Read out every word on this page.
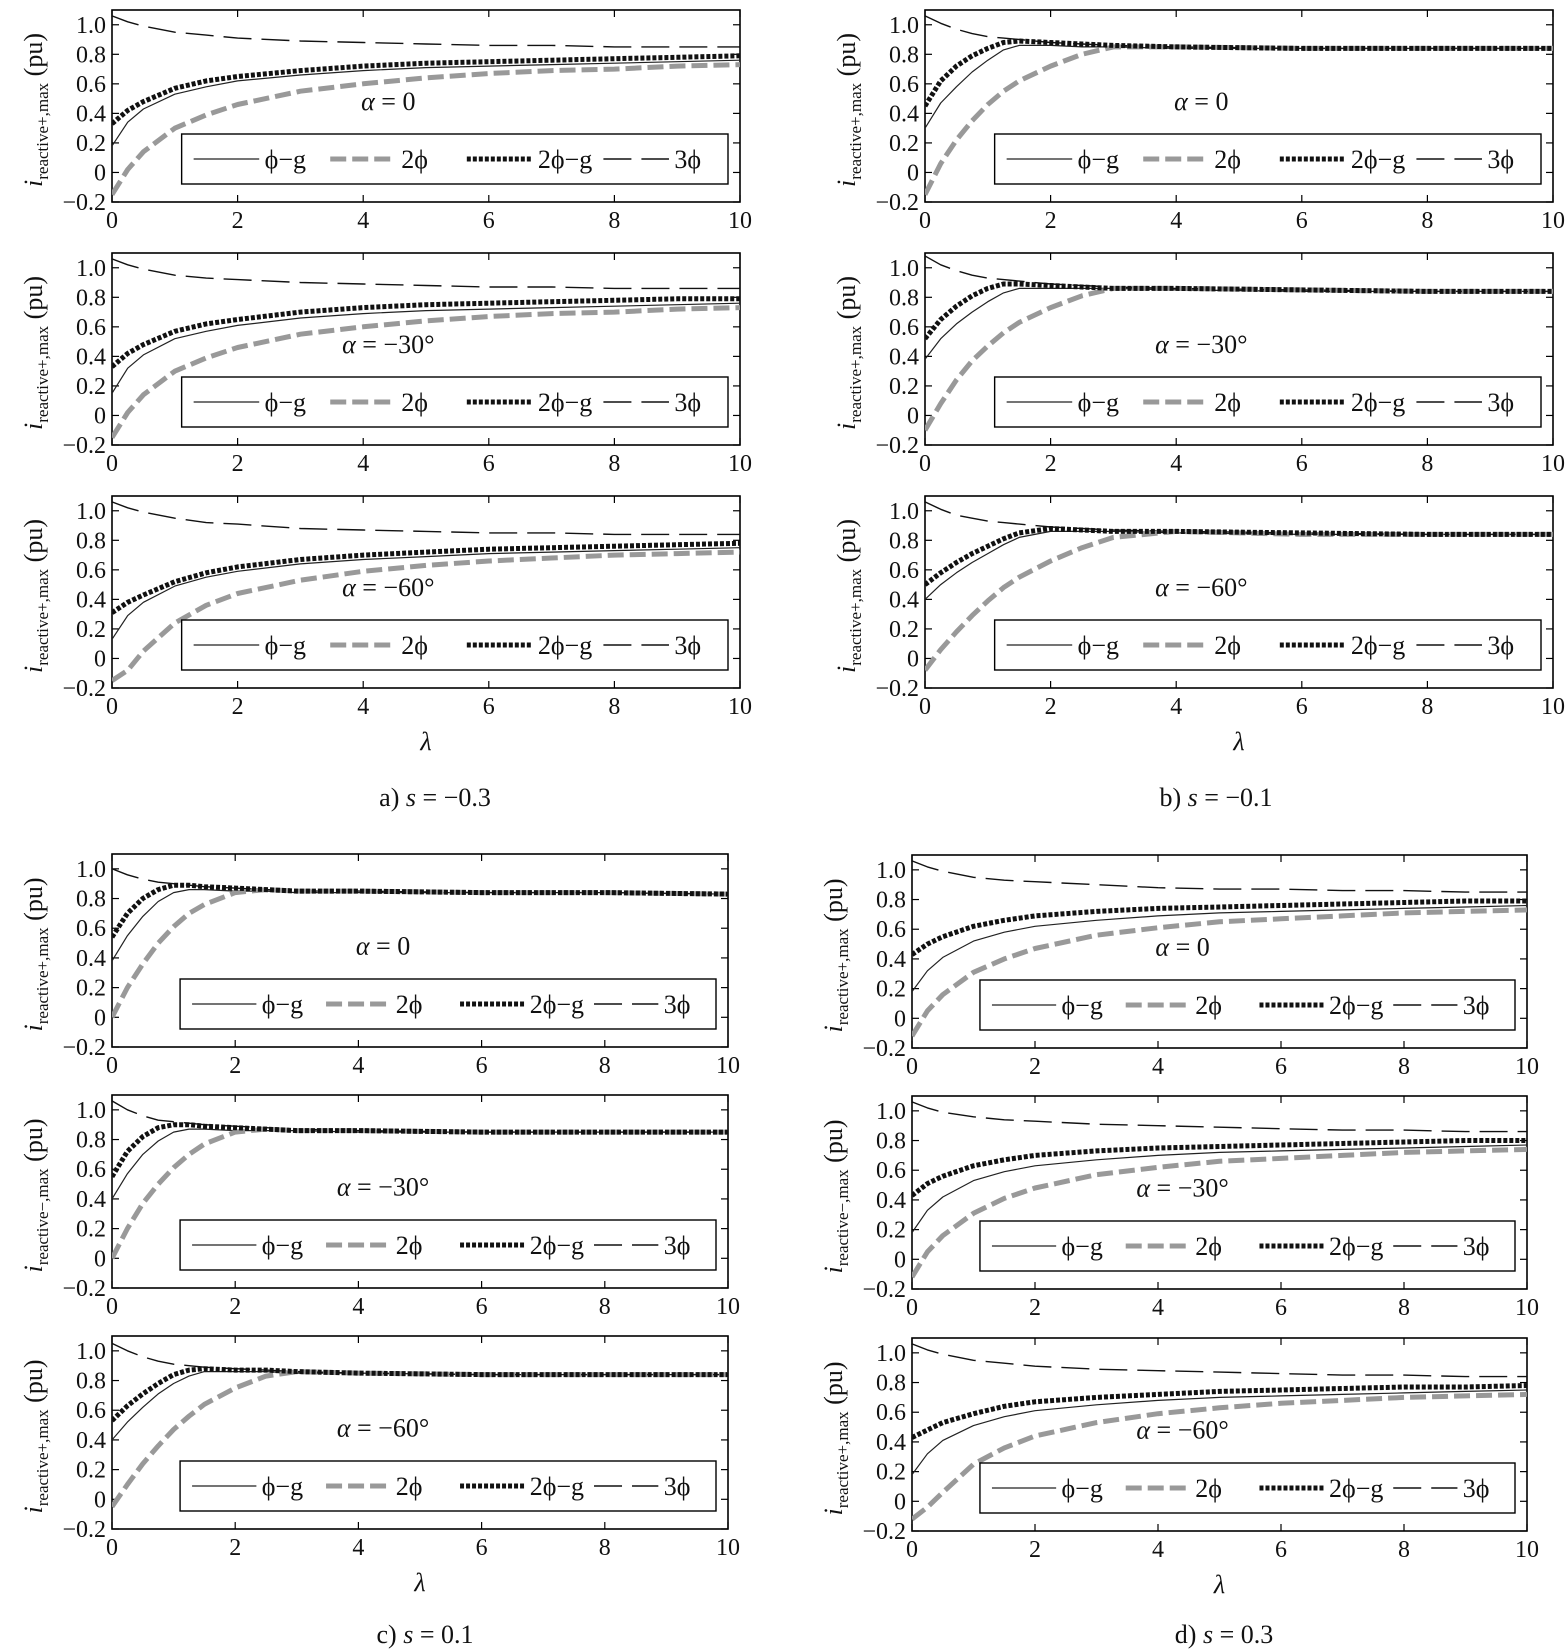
0	2	4	6	8	10
−0.2
0
0.2
0.4
0.6
0.8
1.0
$i_{reactive+,max}$ (pu)
α = 0
ϕ−g	2ϕ	2ϕ−g	3ϕ
0	2	4	6	8	10
−0.2
0
0.2
0.4
0.6
0.8
1.0
$i_{reactive+,max}$ (pu)
α = −30°
ϕ−g	2ϕ	2ϕ−g	3ϕ
0	2	4	6	8	10
−0.2
0
0.2
0.4
0.6
0.8
1.0
$i_{reactive+,max}$ (pu)
α = −60°
ϕ−g	2ϕ	2ϕ−g	3ϕ
λ
0	2	4	6	8	10
−0.2
0
0.2
0.4
0.6
0.8
1.0
$i_{reactive+,max}$ (pu)
α = 0
ϕ−g	2ϕ	2ϕ−g	3ϕ
0	2	4	6	8	10
−0.2
0
0.2
0.4
0.6
0.8
1.0
$i_{reactive+,max}$ (pu)
α = −30°
ϕ−g	2ϕ	2ϕ−g	3ϕ
0	2	4	6	8	10
−0.2
0
0.2
0.4
0.6
0.8
1.0
$i_{reactive+,max}$ (pu)
α = −60°
ϕ−g	2ϕ	2ϕ−g	3ϕ
λ
0	2	4	6	8	10
−0.2
0
0.2
0.4
0.6
0.8
1.0
$i_{reactive+,max}$ (pu)
α = 0
ϕ−g	2ϕ	2ϕ−g	3ϕ
0	2	4	6	8	10
−0.2
0
0.2
0.4
0.6
0.8
1.0
$i_{reactive-,max}$ (pu)
α = −30°
ϕ−g	2ϕ	2ϕ−g	3ϕ
0	2	4	6	8	10
−0.2
0
0.2
0.4
0.6
0.8
1.0
$i_{reactive+,max}$ (pu)
α = −60°
ϕ−g	2ϕ	2ϕ−g	3ϕ
λ
0	2	4	6	8	10
−0.2
0
0.2
0.4
0.6
0.8
1.0
$i_{reactive+,max}$ (pu)
α = 0
ϕ−g	2ϕ	2ϕ−g	3ϕ
0	2	4	6	8	10
−0.2
0
0.2
0.4
0.6
0.8
1.0
$i_{reactive-,max}$ (pu)
α = −30°
ϕ−g	2ϕ	2ϕ−g	3ϕ
0	2	4	6	8	10
−0.2
0
0.2
0.4
0.6
0.8
1.0
$i_{reactive+,max}$ (pu)
α = −60°
ϕ−g	2ϕ	2ϕ−g	3ϕ
λ
a) s = −0.3	b) s = −0.1
c) s = 0.1	d) s = 0.3
